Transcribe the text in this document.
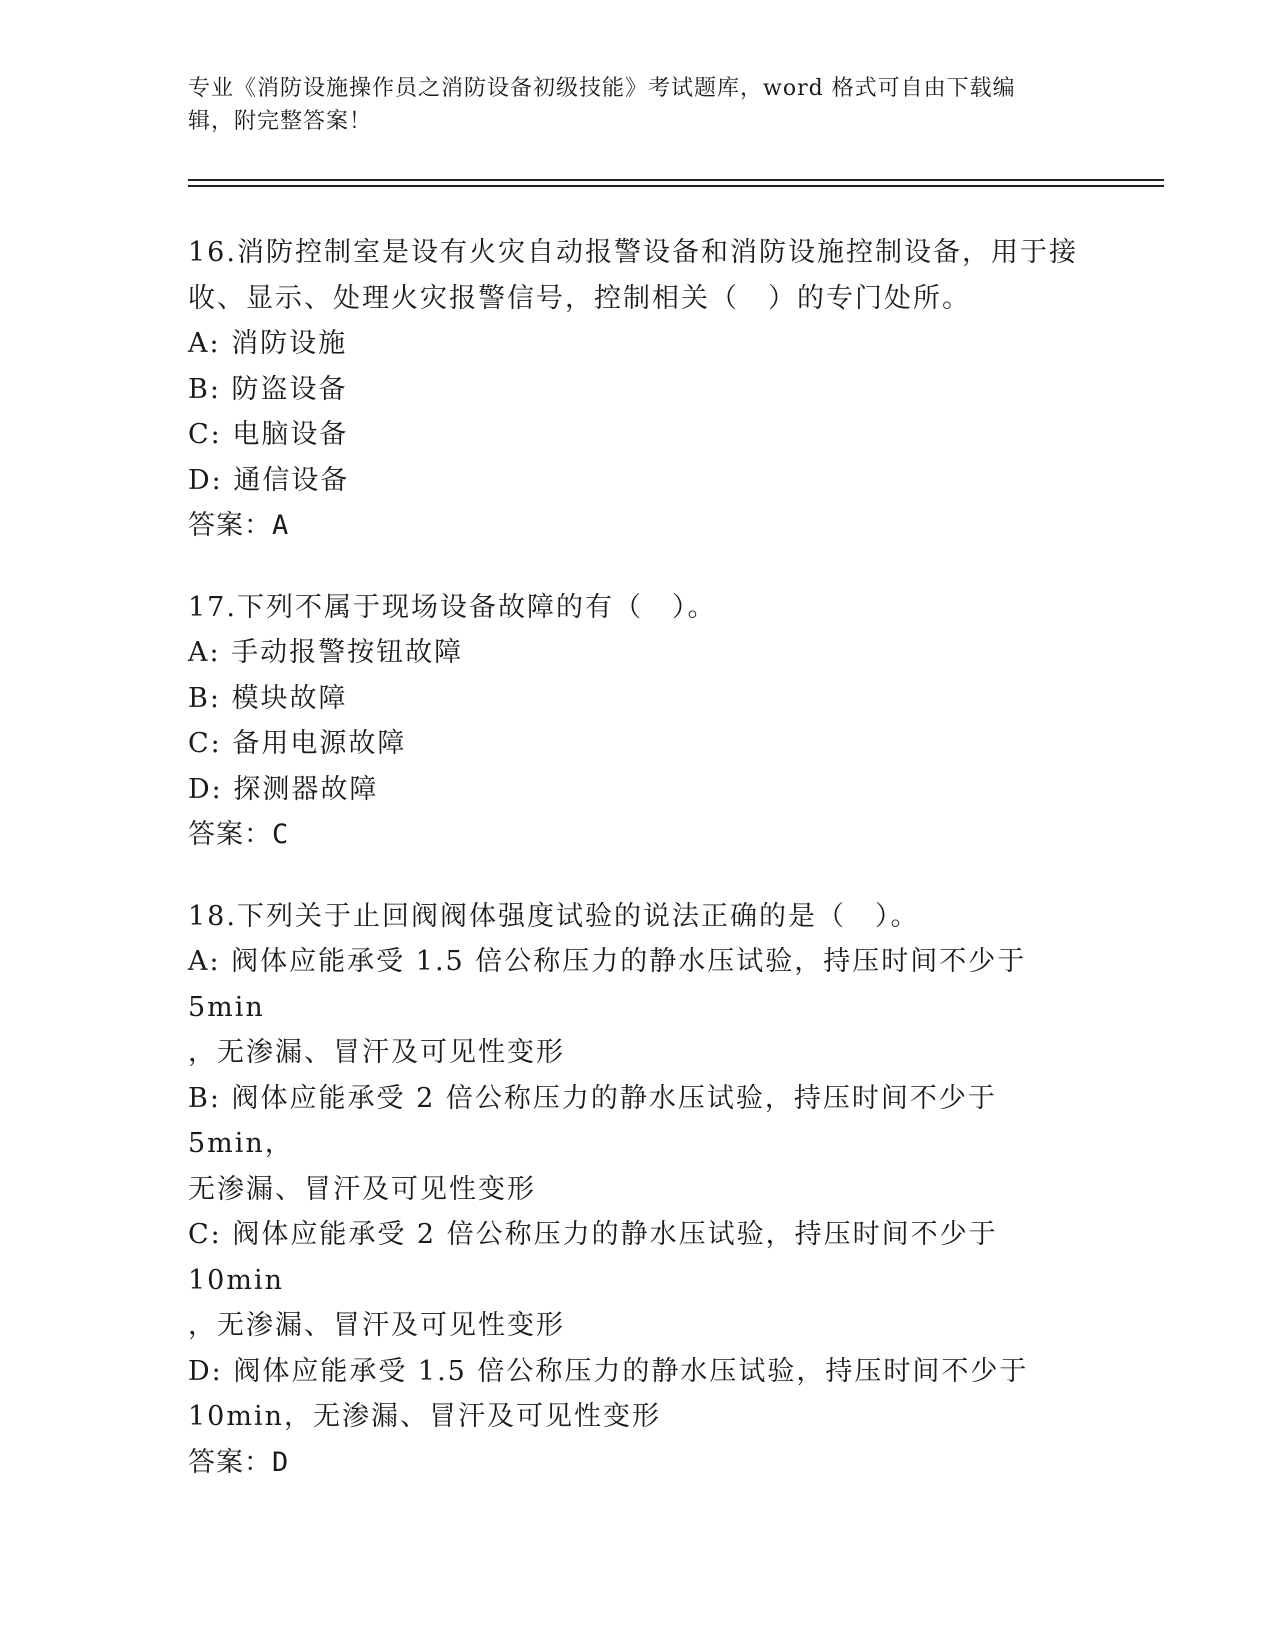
专业《消防设施操作员之消防设备初级技能》考试题库，word 格式可自由下载编
辑，附完整答案！
16.消防控制室是设有火灾自动报警设备和消防设施控制设备，用于接
收、显示、处理火灾报警信号，控制相关（　）的专门处所。
A: 消防设施
B: 防盗设备
C: 电脑设备
D: 通信设备
答案：A
17.下列不属于现场设备故障的有（　）。
A: 手动报警按钮故障
B: 模块故障
C: 备用电源故障
D: 探测器故障
答案：C
18.下列关于止回阀阀体强度试验的说法正确的是（　）。
A: 阀体应能承受 1.5 倍公称压力的静水压试验，持压时间不少于 5min
，无渗漏、冒汗及可见性变形
B: 阀体应能承受 2 倍公称压力的静水压试验，持压时间不少于 5min，
无渗漏、冒汗及可见性变形
C: 阀体应能承受 2 倍公称压力的静水压试验，持压时间不少于 10min
，无渗漏、冒汗及可见性变形
D: 阀体应能承受 1.5 倍公称压力的静水压试验，持压时间不少于
10min，无渗漏、冒汗及可见性变形
答案：D
